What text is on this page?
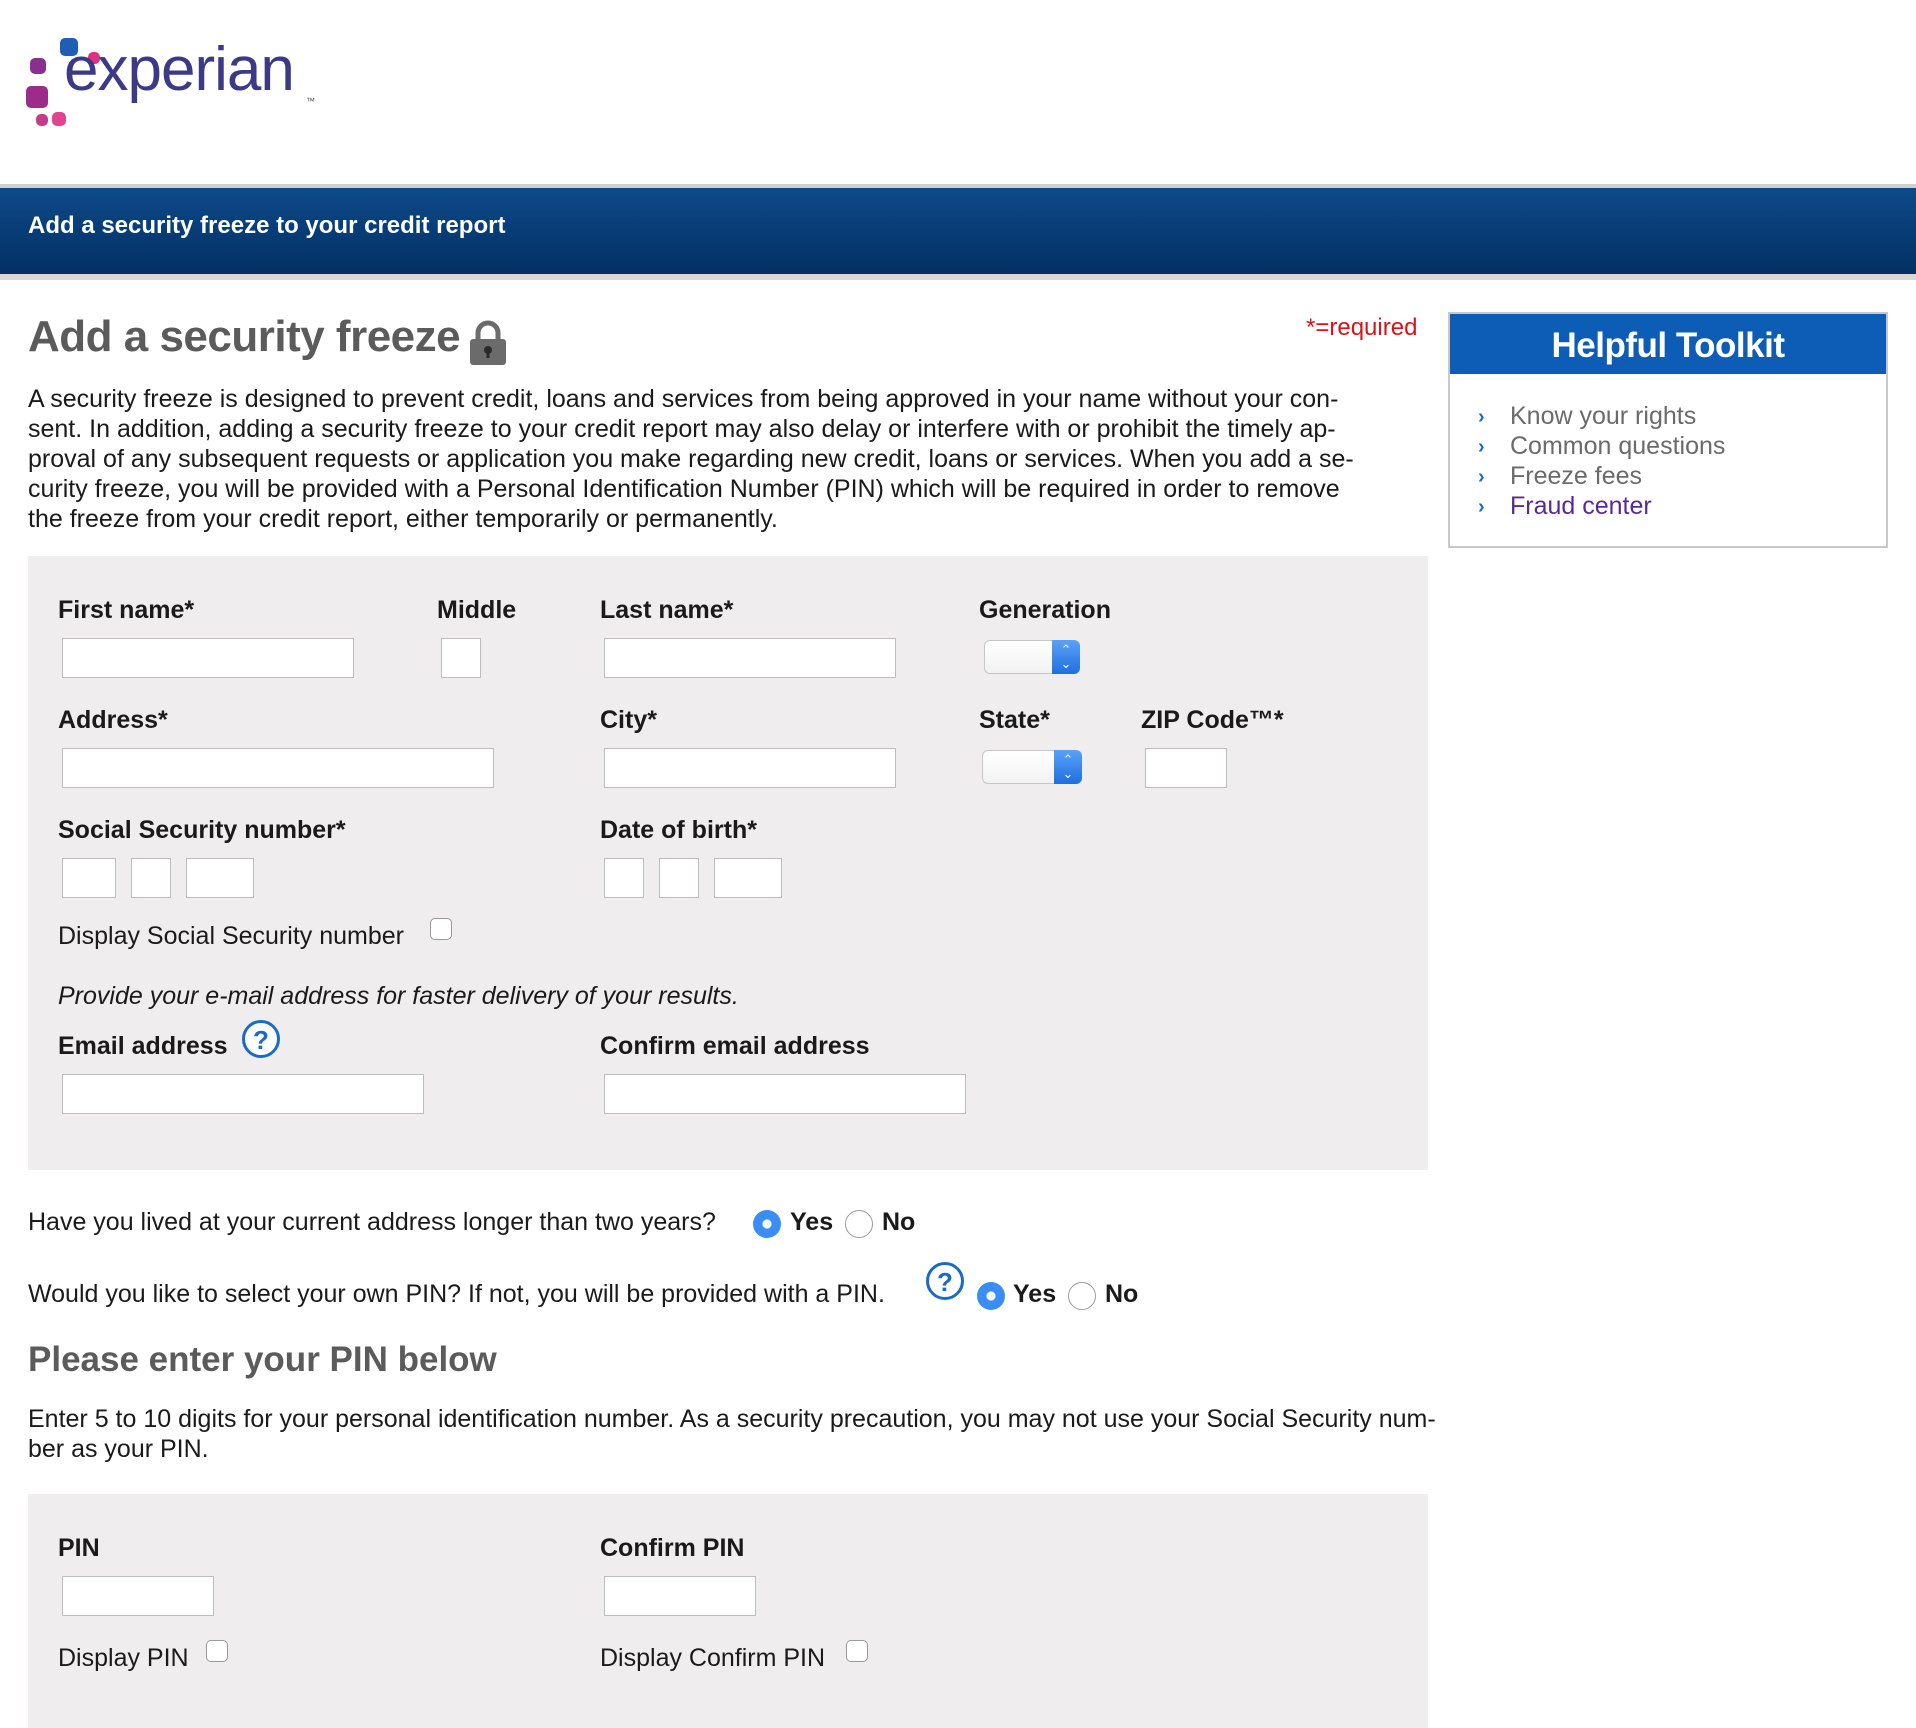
experian ™
Add a security freeze to your credit report
Add a security freeze	*=required
A security freeze is designed to prevent credit, loans and services from being approved in your name without your con-
sent. In addition, adding a security freeze to your credit report may also delay or interfere with or prohibit the timely ap-
proval of any subsequent requests or application you make regarding new credit, loans or services. When you add a se-
curity freeze, you will be provided with a Personal Identification Number (PIN) which will be required in order to remove
the freeze from your credit report, either temporarily or permanently.
First name*	Middle	Last name*	Generation
⌃
⌄
Address*	City*	State*	ZIP Code™*
⌃
⌄
Social Security number*	Date of birth*
Display Social Security number
Provide your e-mail address for faster delivery of your results.
Email address ?	Confirm email address
Have you lived at your current address longer than two years?	Yes No
Would you like to select your own PIN? If not, you will be provided with a PIN.	?	Yes No
Please enter your PIN below
Enter 5 to 10 digits for your personal identification number. As a security precaution, you may not use your Social Security num-
ber as your PIN.
PIN	Confirm PIN
Display PIN	Display Confirm PIN
Helpful Toolkit
› Know your rights
› Common questions
› Freeze fees
› Fraud center
